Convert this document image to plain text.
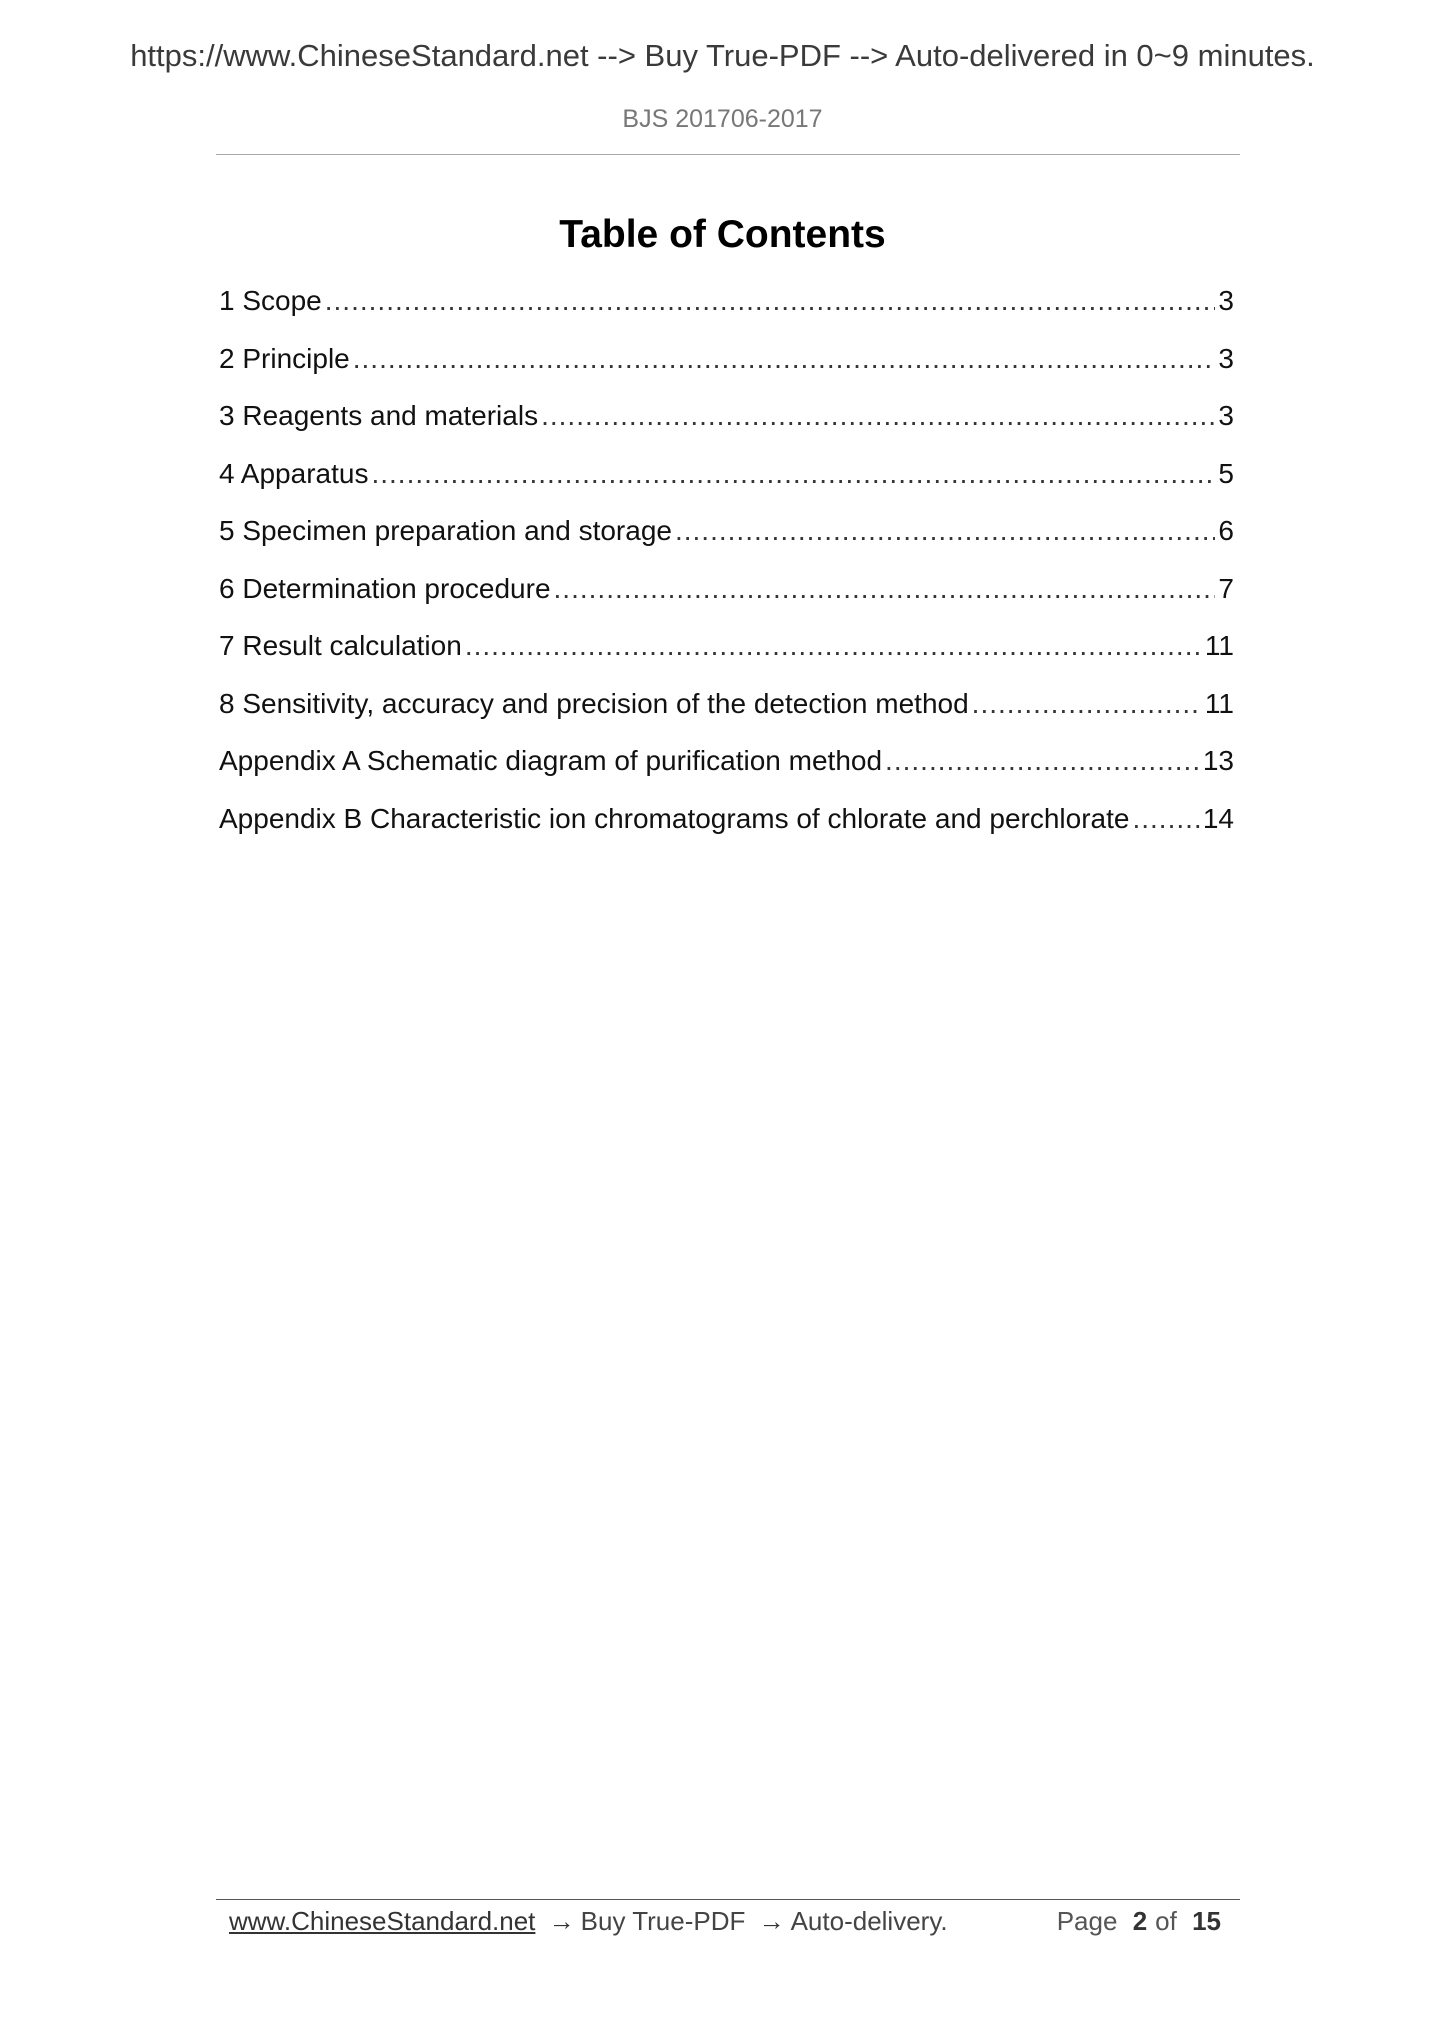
https://www.ChineseStandard.net --> Buy True-PDF --> Auto-delivered in 0~9 minutes.
BJS 201706-2017
Table of Contents
1 Scope .....	3
2 Principle .....	3
3 Reagents and materials .....	3
4 Apparatus .....	5
5 Specimen preparation and storage .....	6
6 Determination procedure .....	7
7 Result calculation .....	11
8 Sensitivity, accuracy and precision of the detection method .....	11
Appendix A Schematic diagram of purification method .....	13
Appendix B Characteristic ion chromatograms of chlorate and perchlorate .....	14
www.ChineseStandard.net → Buy True-PDF → Auto-delivery.	Page 2 of 15
